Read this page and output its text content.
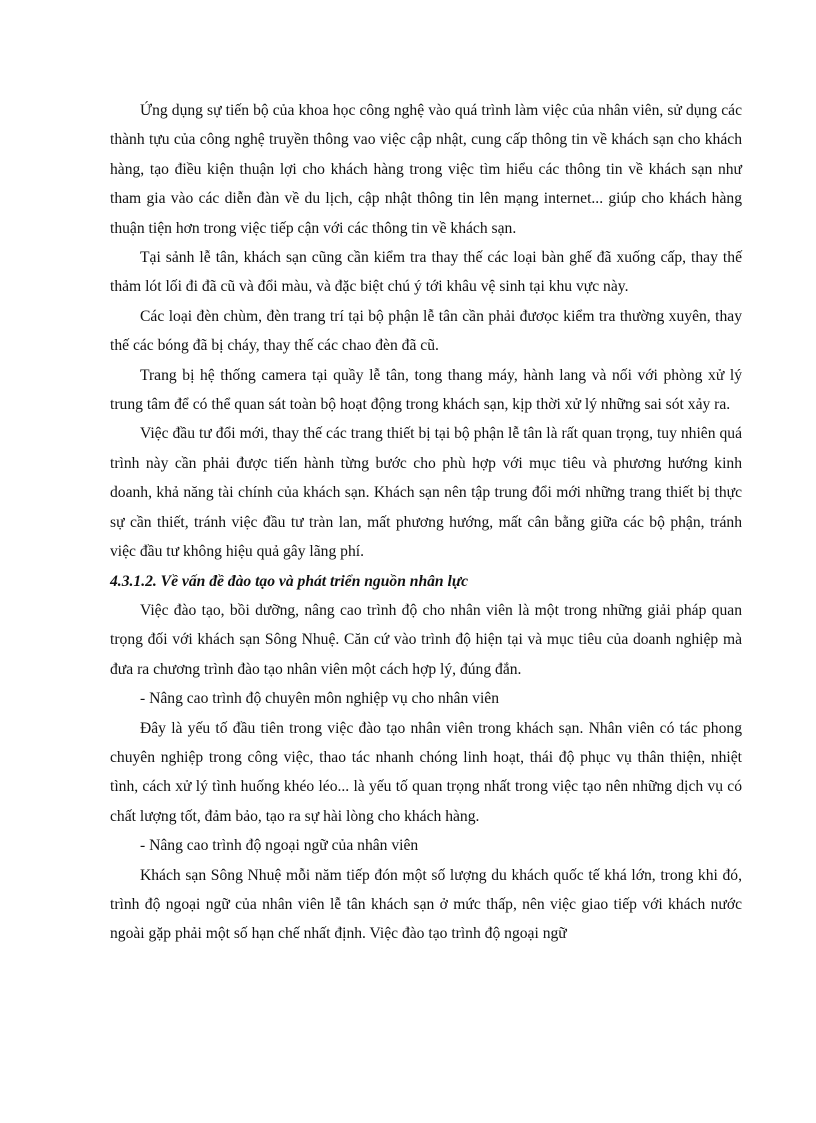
Ứng dụng sự tiến bộ của khoa học công nghệ vào quá trình làm việc của nhân viên, sử dụng các thành tựu của công nghệ truyền thông vao việc cập nhật, cung cấp thông tin về khách sạn cho khách hàng, tạo điều kiện thuận lợi cho khách hàng trong việc tìm hiểu các thông tin về khách sạn như tham gia vào các diễn đàn về du lịch, cập nhật thông tin lên mạng internet... giúp cho khách hàng thuận tiện hơn trong việc tiếp cận với các thông tin về khách sạn.

Tại sảnh lễ tân, khách sạn cũng cần kiểm tra thay thế các loại bàn ghế đã xuống cấp, thay thế thảm lót lối đi đã cũ và đổi màu, và đặc biệt chú ý tới khâu vệ sinh tại khu vực này.

Các loại đèn chùm, đèn trang trí tại bộ phận lễ tân cần phải đươọc kiểm tra thường xuyên, thay thế các bóng đã bị cháy, thay thế các chao đèn đã cũ.

Trang bị hệ thống camera tại quầy lễ tân, tong thang máy, hành lang và nối với phòng xử lý trung tâm để có thể quan sát toàn bộ hoạt động trong khách sạn, kịp thời xử lý những sai sót xảy ra.

Việc đầu tư đổi mới, thay thế các trang thiết bị tại bộ phận lễ tân là rất quan trọng, tuy nhiên quá trình này cần phải được tiến hành từng bước cho phù hợp với mục tiêu và phương hướng kinh doanh, khả năng tài chính của khách sạn. Khách sạn nên tập trung đổi mới những trang thiết bị thực sự cần thiết, tránh việc đầu tư tràn lan, mất phương hướng, mất cân bằng giữa các bộ phận, tránh việc đầu tư không hiệu quả gây lãng phí.

4.3.1.2. Về vấn đề đào tạo và phát triển nguồn nhân lực

Việc đào tạo, bồi dưỡng, nâng cao trình độ cho nhân viên là một trong những giải pháp quan trọng đối với khách sạn Sông Nhuệ. Căn cứ vào trình độ hiện tại và mục tiêu của doanh nghiệp mà đưa ra chương trình đào tạo nhân viên một cách hợp lý, đúng đắn.

- Nâng cao trình độ chuyên môn nghiệp vụ cho nhân viên

Đây là yếu tố đầu tiên trong việc đào tạo nhân viên trong khách sạn. Nhân viên có tác phong chuyên nghiệp trong công việc, thao tác nhanh chóng linh hoạt, thái độ phục vụ thân thiện, nhiệt tình, cách xử lý tình huống khéo léo... là yếu tố quan trọng nhất trong việc tạo nên những dịch vụ có chất lượng tốt, đảm bảo, tạo ra sự hài lòng cho khách hàng.

- Nâng cao trình độ ngoại ngữ của nhân viên

Khách sạn Sông Nhuệ mỗi năm tiếp đón một số lượng du khách quốc tế khá lớn, trong khi đó, trình độ ngoại ngữ của nhân viên lễ tân khách sạn ở mức thấp, nên việc giao tiếp với khách nước ngoài gặp phải một số hạn chế nhất định. Việc đào tạo trình độ ngoại ngữ
